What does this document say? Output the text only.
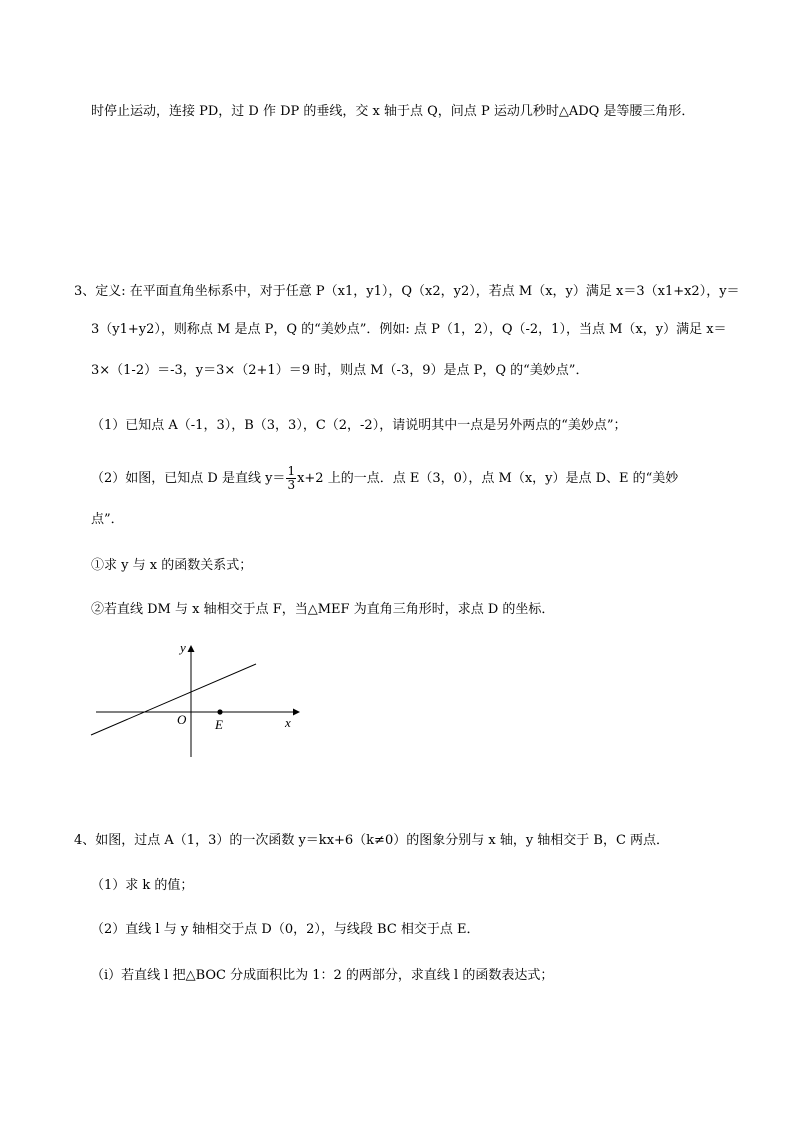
时停止运动，连接 PD，过 D 作 DP 的垂线，交 x 轴于点 Q，问点 P 运动几秒时△ADQ 是等腰三角形．
3、定义: 在平面直角坐标系中，对于任意 P（x1，y1），Q（x2，y2），若点 M（x，y）满足 x＝3（x1+x2），y＝
3（y1+y2），则称点 M 是点 P，Q 的“美妙点”．例如: 点 P（1，2），Q（-2，1），当点 M（x，y）满足 x＝
3×（1-2）＝-3，y＝3×（2+1）＝9 时，则点 M（-3，9）是点 P，Q 的“美妙点”．
（1）已知点 A（-1，3），B（3，3），C（2，-2），请说明其中一点是另外两点的“美妙点”；
（2）如图，已知点 D 是直线 $y= \frac{1}{3} x+2$ 上的一点．点 E（3，0），点 M（x，y）是点 D、E 的“美妙
点”．
①求 y 与 x 的函数关系式；
②若直线 DM 与 x 轴相交于点 F，当△MEF 为直角三角形时，求点 D 的坐标．
y
x
O E
4、如图，过点 A（1，3）的一次函数 y＝kx+6（k≠0）的图象分别与 x 轴，y 轴相交于 B，C 两点．
（1）求 k 的值；
（2）直线 l 与 y 轴相交于点 D（0，2），与线段 BC 相交于点 E．
（i）若直线 l 把△BOC 分成面积比为 1：2 的两部分，求直线 l 的函数表达式；
